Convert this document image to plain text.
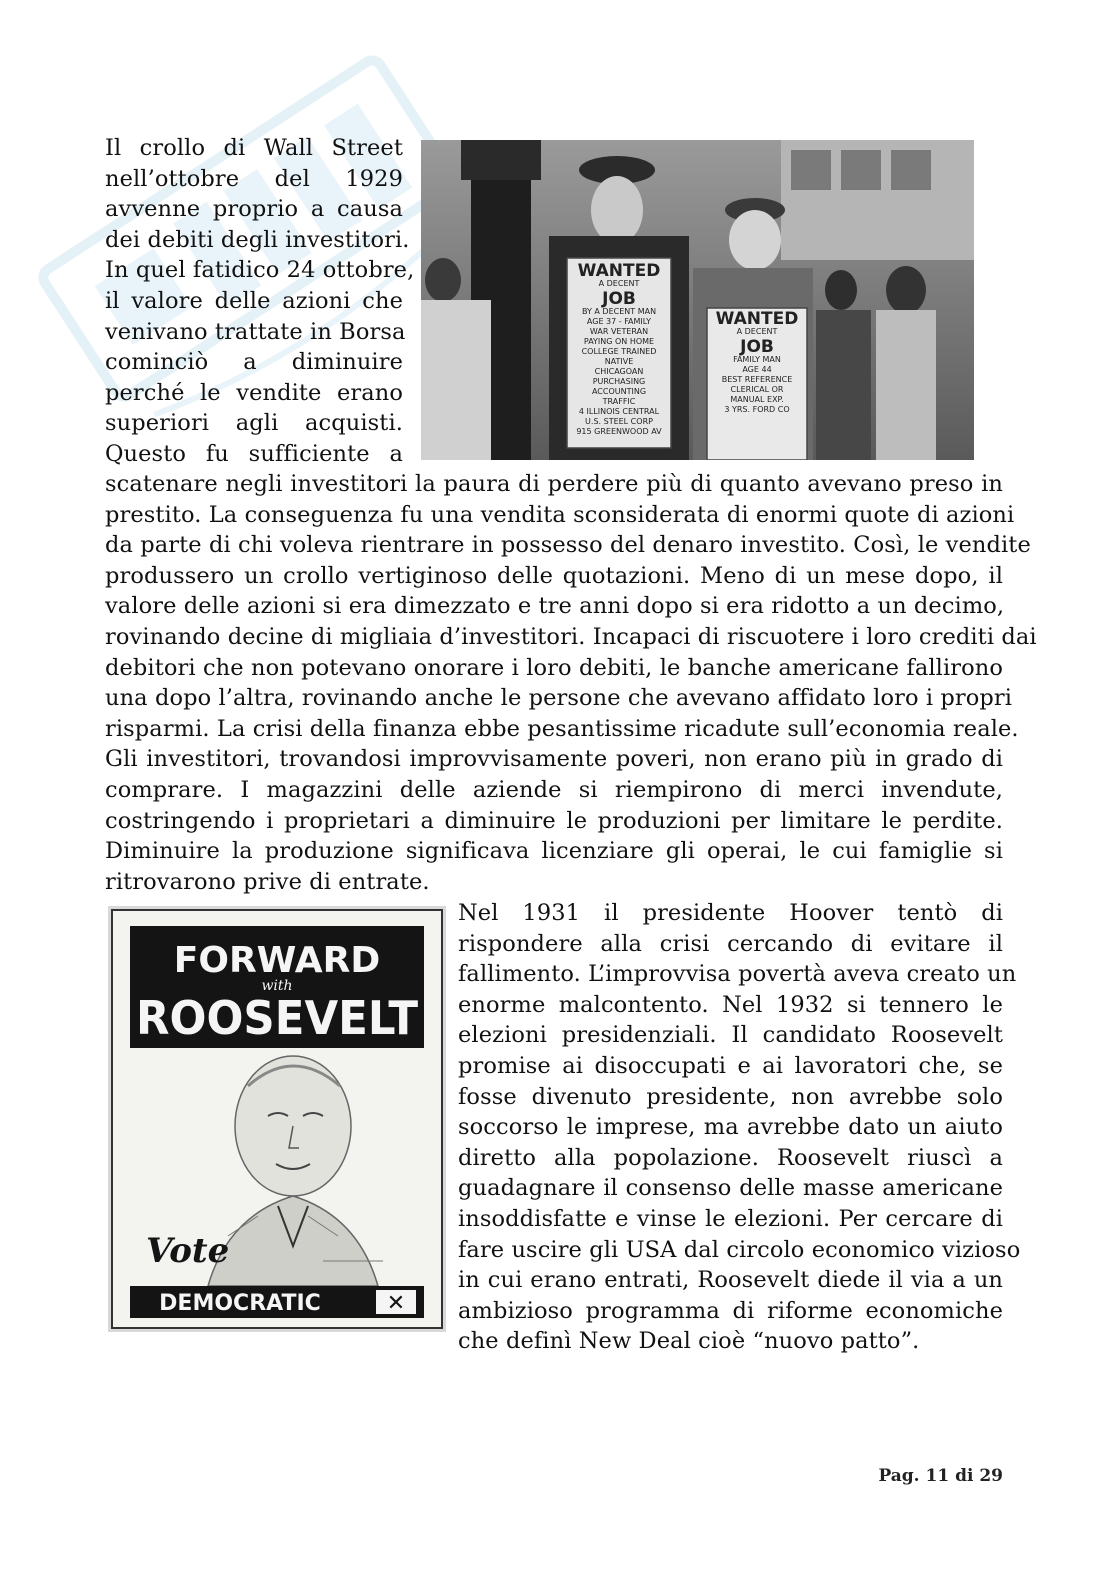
Il crollo di Wall Street
nell’ottobre del 1929
avvenne proprio a causa
dei debiti degli investitori.
In quel fatidico 24 ottobre,
il valore delle azioni che
venivano trattate in Borsa
cominciò a diminuire
perché le vendite erano
superiori agli acquisti.
Questo fu sufficiente a
scatenare negli investitori la paura di perdere più di quanto avevano preso in
prestito. La conseguenza fu una vendita sconsiderata di enormi quote di azioni
da parte di chi voleva rientrare in possesso del denaro investito. Così, le vendite
produssero un crollo vertiginoso delle quotazioni. Meno di un mese dopo, il
valore delle azioni si era dimezzato e tre anni dopo si era ridotto a un decimo,
rovinando decine di migliaia d’investitori. Incapaci di riscuotere i loro crediti dai
debitori che non potevano onorare i loro debiti, le banche americane fallirono
una dopo l’altra, rovinando anche le persone che avevano affidato loro i propri
risparmi. La crisi della finanza ebbe pesantissime ricadute sull’economia reale.
Gli investitori, trovandosi improvvisamente poveri, non erano più in grado di
comprare. I magazzini delle aziende si riempirono di merci invendute,
costringendo i proprietari a diminuire le produzioni per limitare le perdite.
Diminuire la produzione significava licenziare gli operai, le cui famiglie si
ritrovarono prive di entrate.
WANTED
A DECENT
JOB
BY A DECENT MAN
AGE 37 - FAMILY
WAR VETERAN
PAYING ON HOME
COLLEGE TRAINED
NATIVE
CHICAGOAN
PURCHASING
ACCOUNTING
TRAFFIC
4 ILLINOIS CENTRAL
U.S. STEEL CORP
915 GREENWOOD AV
WANTED
A DECENT
JOB
FAMILY MAN
AGE 44
BEST REFERENCE
CLERICAL OR
MANUAL EXP.
3 YRS. FORD CO
FORWARD
with
ROOSEVELT
Vote
DEMOCRATIC	✕
Nel 1931 il presidente Hoover tentò di
rispondere alla crisi cercando di evitare il
fallimento. L’improvvisa povertà aveva creato un
enorme malcontento. Nel 1932 si tennero le
elezioni presidenziali. Il candidato Roosevelt
promise ai disoccupati e ai lavoratori che, se
fosse divenuto presidente, non avrebbe solo
soccorso le imprese, ma avrebbe dato un aiuto
diretto alla popolazione. Roosevelt riuscì a
guadagnare il consenso delle masse americane
insoddisfatte e vinse le elezioni. Per cercare di
fare uscire gli USA dal circolo economico vizioso
in cui erano entrati, Roosevelt diede il via a un
ambizioso programma di riforme economiche
che definì New Deal cioè “nuovo patto”.
Pag. 11 di 29
